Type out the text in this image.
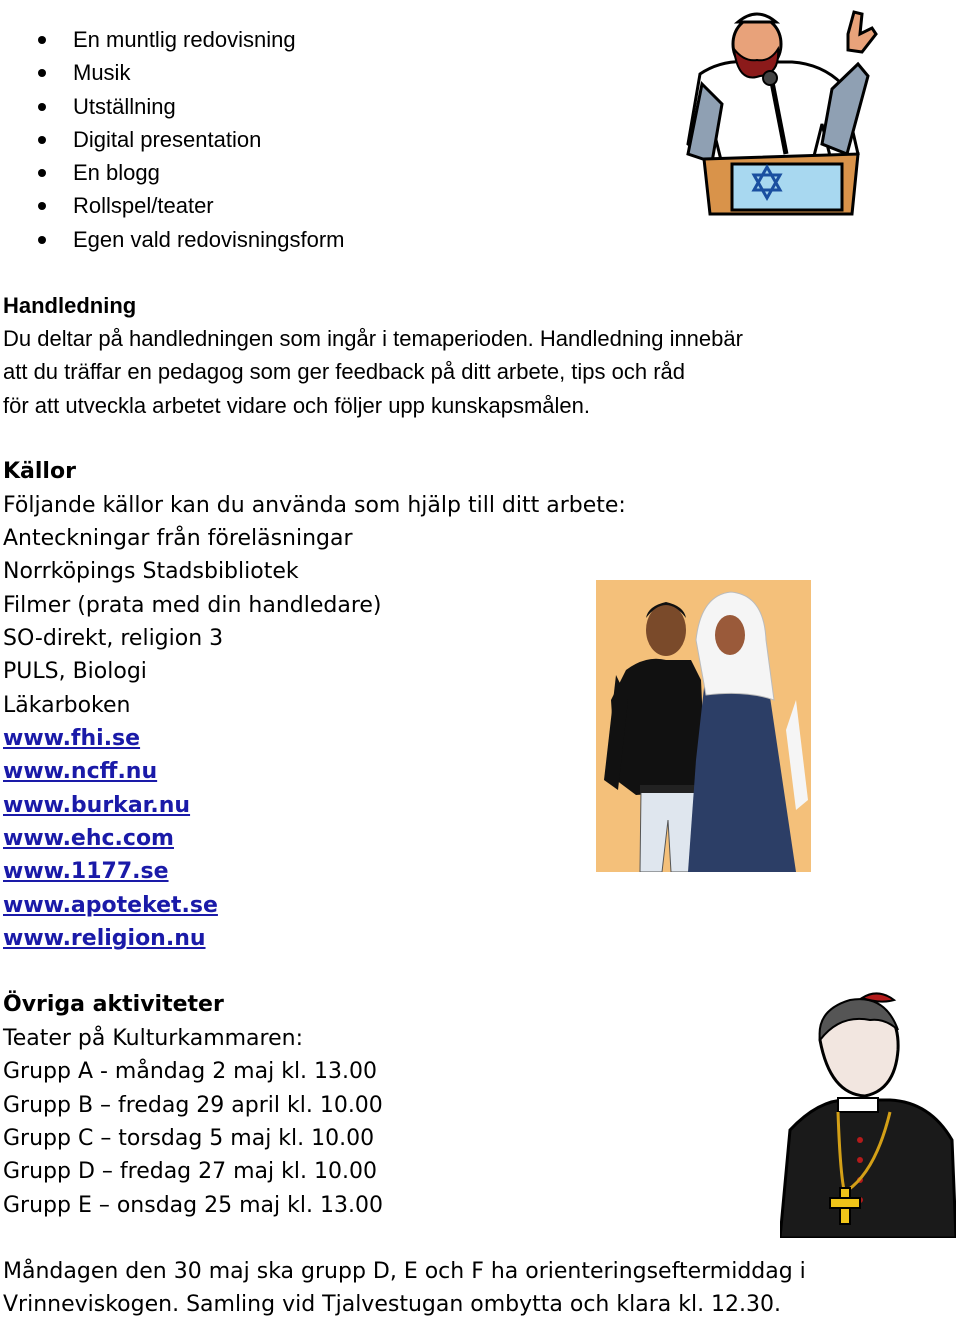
En muntlig redovisning
Musik
Utställning
Digital presentation
En blogg
Rollspel/teater
Egen vald redovisningsform
Handledning
Du deltar på handledningen som ingår i temaperioden. Handledning innebär
att du träffar en pedagog som ger feedback på ditt arbete, tips och råd
för att utveckla arbetet vidare och följer upp kunskapsmålen.
Källor
Följande källor kan du använda som hjälp till ditt arbete:
Anteckningar från föreläsningar
Norrköpings Stadsbibliotek
Filmer (prata med din handledare)
SO-direkt, religion 3
PULS, Biologi
Läkarboken
www.fhi.se
www.ncff.nu
www.burkar.nu
www.ehc.com
www.1177.se
www.apoteket.se
www.religion.nu
Övriga aktiviteter
Teater på Kulturkammaren:
Grupp A - måndag 2 maj kl. 13.00
Grupp B – fredag 29 april kl. 10.00
Grupp C – torsdag 5 maj kl. 10.00
Grupp D – fredag 27 maj kl. 10.00
Grupp E – onsdag 25 maj kl. 13.00
Måndagen den 30 maj ska grupp D, E och F ha orienteringseftermiddag i
Vrinneviskogen. Samling vid Tjalvestugan ombytta och klara kl. 12.30.
